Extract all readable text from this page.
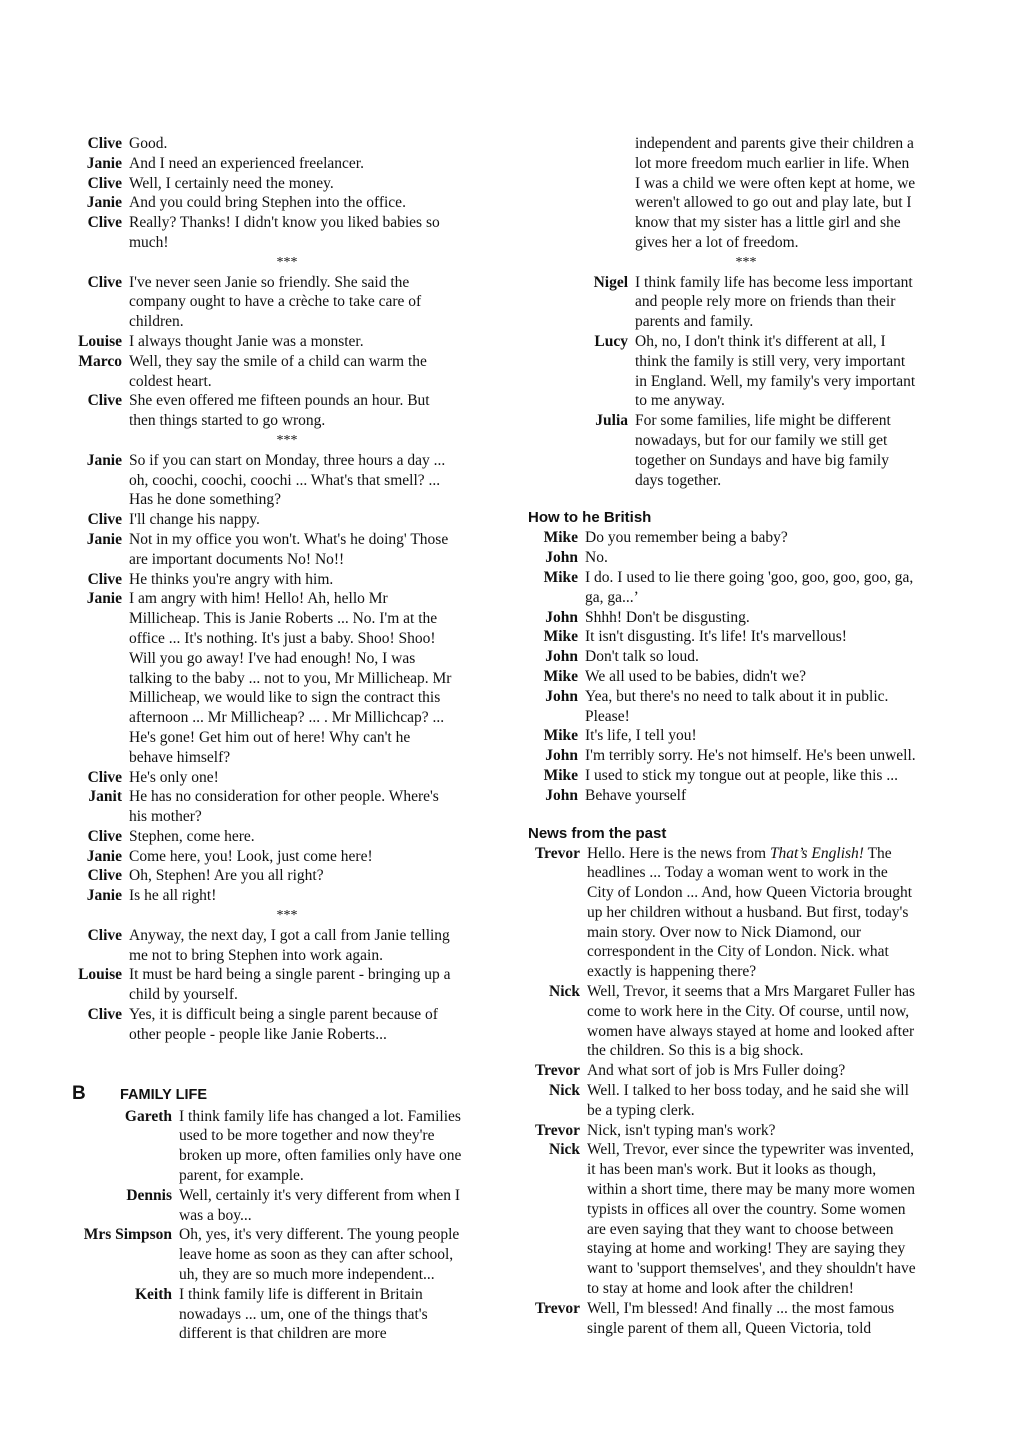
Clive Good.
Janie And I need an experienced freelancer.
Clive Well, I certainly need the money.
Janie And you could bring Stephen into the office.
Clive Really? Thanks! I didn't know you liked babies so
much!
***
Clive I've never seen Janie so friendly. She said the
company ought to have a crèche to take care of
children.
Louise I always thought Janie was a monster.
Marco Well, they say the smile of a child can warm the
coldest heart.
Clive She even offered me fifteen pounds an hour. But
then things started to go wrong.
***
Janie So if you can start on Monday, three hours a day ...
oh, coochi, coochi, coochi ... What's that smell? ...
Has he done something?
Clive I'll change his nappy.
Janie Not in my office you won't. What's he doing' Those
are important documents No! No!!
Clive He thinks you're angry with him.
Janie I am angry with him! Hello! Ah, hello Mr
Millicheap. This is Janie Roberts ... No. I'm at the
office ... It's nothing. It's just a baby. Shoo! Shoo!
Will you go away! I've had enough! No, I was
talking to the baby ... not to you, Mr Millicheap. Mr
Millicheap, we would like to sign the contract this
afternoon ... Mr Millicheap? ... . Mr Millichcap? ...
He's gone! Get him out of here! Why can't he
behave himself?
Clive He's only one!
Janit He has no consideration for other people. Where's
his mother?
Clive Stephen, come here.
Janie Come here, you! Look, just come here!
Clive Oh, Stephen! Are you all right?
Janie Is he all right!
***
Clive Anyway, the next day, I got a call from Janie telling
me not to bring Stephen into work again.
Louise It must be hard being a single parent - bringing up a
child by yourself.
Clive Yes, it is difficult being a single parent because of
other people - people like Janie Roberts...
B	FAMILY LIFE
Gareth I think family life has changed a lot. Families
used to be more together and now they're
broken up more, often families only have one
parent, for example.
Dennis Well, certainly it's very different from when I
was a boy...
Mrs Simpson Oh, yes, it's very different. The young people
leave home as soon as they can after school,
uh, they are so much more independent...
Keith I think family life is different in Britain
nowadays ... um, one of the things that's
different is that children are more
independent and parents give their children a
lot more freedom much earlier in life. When
I was a child we were often kept at home, we
weren't allowed to go out and play late, but I
know that my sister has a little girl and she
gives her a lot of freedom.
***
Nigel I think family life has become less important
and people rely more on friends than their
parents and family.
Lucy Oh, no, I don't think it's different at all, I
think the family is still very, very important
in England. Well, my family's very important
to me anyway.
Julia For some families, life might be different
nowadays, but for our family we still get
together on Sundays and have big family
days together.
How to he British
Mike Do you remember being a baby?
John No.
Mike I do. I used to lie there going 'goo, goo, goo, goo, ga,
ga, ga...’
John Shhh! Don't be disgusting.
Mike It isn't disgusting. It's life! It's marvellous!
John Don't talk so loud.
Mike We all used to be babies, didn't we?
John Yea, but there's no need to talk about it in public.
Please!
Mike It's life, I tell you!
John I'm terribly sorry. He's not himself. He's been unwell.
Mike I used to stick my tongue out at people, like this ...
John Behave yourself
News from the past
Trevor Hello. Here is the news from That’s English! The
headlines ... Today a woman went to work in the
City of London ... And, how Queen Victoria brought
up her children without a husband. But first, today's
main story. Over now to Nick Diamond, our
correspondent in the City of London. Nick. what
exactly is happening there?
Nick Well, Trevor, it seems that a Mrs Margaret Fuller has
come to work here in the City. Of course, until now,
women have always stayed at home and looked after
the children. So this is a big shock.
Trevor And what sort of job is Mrs Fuller doing?
Nick Well. I talked to her boss today, and he said she will
be a typing clerk.
Trevor Nick, isn't typing man's work?
Nick Well, Trevor, ever since the typewriter was invented,
it has been man's work. But it looks as though,
within a short time, there may be many more women
typists in offices all over the country. Some women
are even saying that they want to choose between
staying at home and working! They are saying they
want to 'support themselves', and they shouldn't have
to stay at home and look after the children!
Trevor Well, I'm blessed! And finally ... the most famous
single parent of them all, Queen Victoria, told
